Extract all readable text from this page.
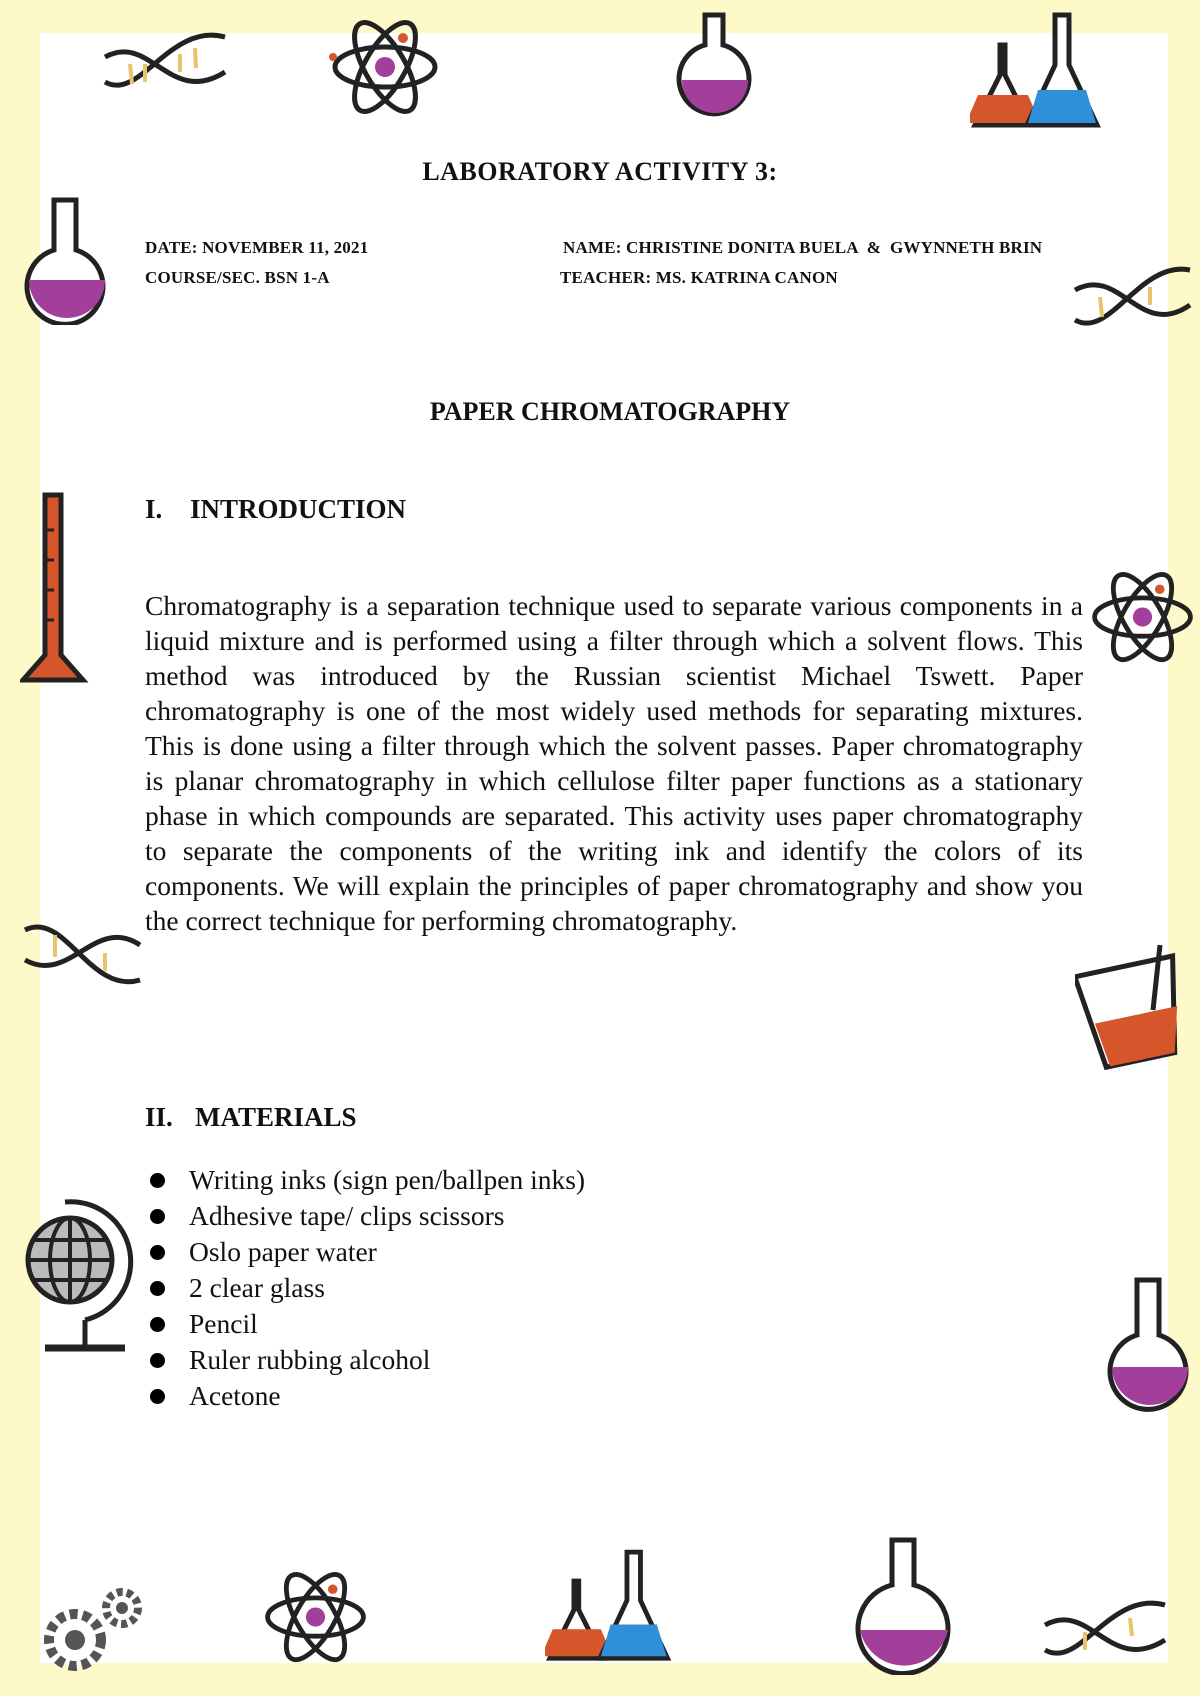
LABORATORY ACTIVITY 3:
DATE: NOVEMBER 11, 2021
COURSE/SEC. BSN 1-A
NAME: CHRISTINE DONITA BUELA  &  GWYNNETH BRIN
TEACHER: MS. KATRINA CANON
PAPER CHROMATOGRAPHY
I. INTRODUCTION
Chromatography is a separation technique used to separate various components in a liquid mixture and is performed using a filter through which a solvent flows. This method was introduced by the Russian scientist Michael Tswett. Paper chromatography is one of the most widely used methods for separating mixtures. This is done using a filter through which the solvent passes. Paper chromatography is planar chromatography in which cellulose filter paper functions as a stationary phase in which compounds are separated. This activity uses paper chromatography to separate the components of the writing ink and identify the colors of its components. We will explain the principles of paper chromatography and show you the correct technique for performing chromatography.
II. MATERIALS
Writing inks (sign pen/ballpen inks)
Adhesive tape/ clips scissors
Oslo paper water
2 clear glass
Pencil
Ruler rubbing alcohol
Acetone
